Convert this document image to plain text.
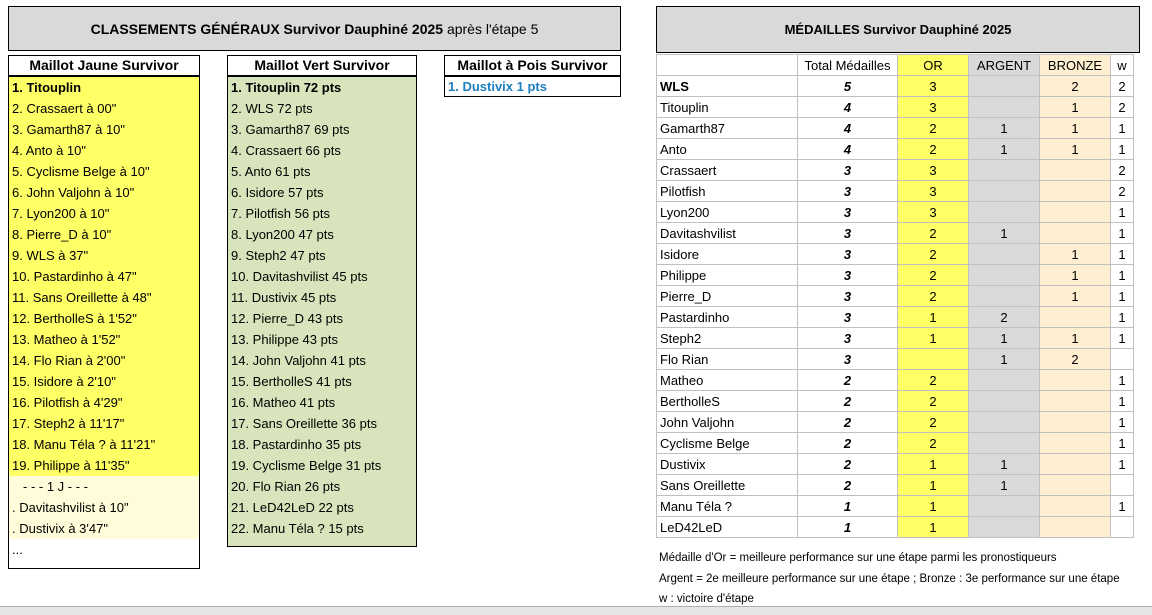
CLASSEMENTS GÉNÉRAUX Survivor Dauphiné 2025 après l'étape 5	MÉDAILLES Survivor Dauphiné 2025
Maillot Jaune Survivor
1. Titouplin
2. Crassaert à 00"
3. Gamarth87 à 10"
4. Anto à 10"
5. Cyclisme Belge à 10"
6. John Valjohn à 10"
7. Lyon200 à 10"
8. Pierre_D à 10"
9. WLS à 37"
10. Pastardinho à 47"
11. Sans Oreillette à 48"
12. BertholleS à 1'52"
13. Matheo à 1'52"
14. Flo Rian à 2'00"
15. Isidore à 2'10"
16. Pilotfish à 4'29"
17. Steph2 à 11'17"
18. Manu Téla ? à 11'21"
19. Philippe à 11'35"
- - - 1 J - - -
. Davitashvilist à 10"
. Dustivix à 3'47"
...
Maillot Vert Survivor
1. Titouplin 72 pts
2. WLS 72 pts
3. Gamarth87 69 pts
4. Crassaert 66 pts
5. Anto 61 pts
6. Isidore 57 pts
7. Pilotfish 56 pts
8. Lyon200 47 pts
9. Steph2 47 pts
10. Davitashvilist 45 pts
11. Dustivix 45 pts
12. Pierre_D 43 pts
13. Philippe 43 pts
14. John Valjohn 41 pts
15. BertholleS 41 pts
16. Matheo 41 pts
17. Sans Oreillette 36 pts
18. Pastardinho 35 pts
19. Cyclisme Belge 31 pts
20. Flo Rian 26 pts
21. LeD42LeD 22 pts
22. Manu Téla ? 15 pts
Maillot à Pois Survivor
1. Dustivix 1 pts
	Total Médailles	OR	ARGENT	BRONZE	w
WLS	5	3		2	2
Titouplin	4	3		1	2
Gamarth87	4	2	1	1	1
Anto	4	2	1	1	1
Crassaert	3	3			2
Pilotfish	3	3			2
Lyon200	3	3			1
Davitashvilist	3	2	1		1
Isidore	3	2		1	1
Philippe	3	2		1	1
Pierre_D	3	2		1	1
Pastardinho	3	1	2		1
Steph2	3	1	1	1	1
Flo Rian	3		1	2	
Matheo	2	2			1
BertholleS	2	2			1
John Valjohn	2	2			1
Cyclisme Belge	2	2			1
Dustivix	2	1	1		1
Sans Oreillette	2	1	1		
Manu Téla ?	1	1			1
LeD42LeD	1	1			
Médaille d'Or = meilleure performance sur une étape parmi les pronostiqueurs
Argent = 2e meilleure performance sur une étape ; Bronze : 3e performance sur une étape
w : victoire d'étape
